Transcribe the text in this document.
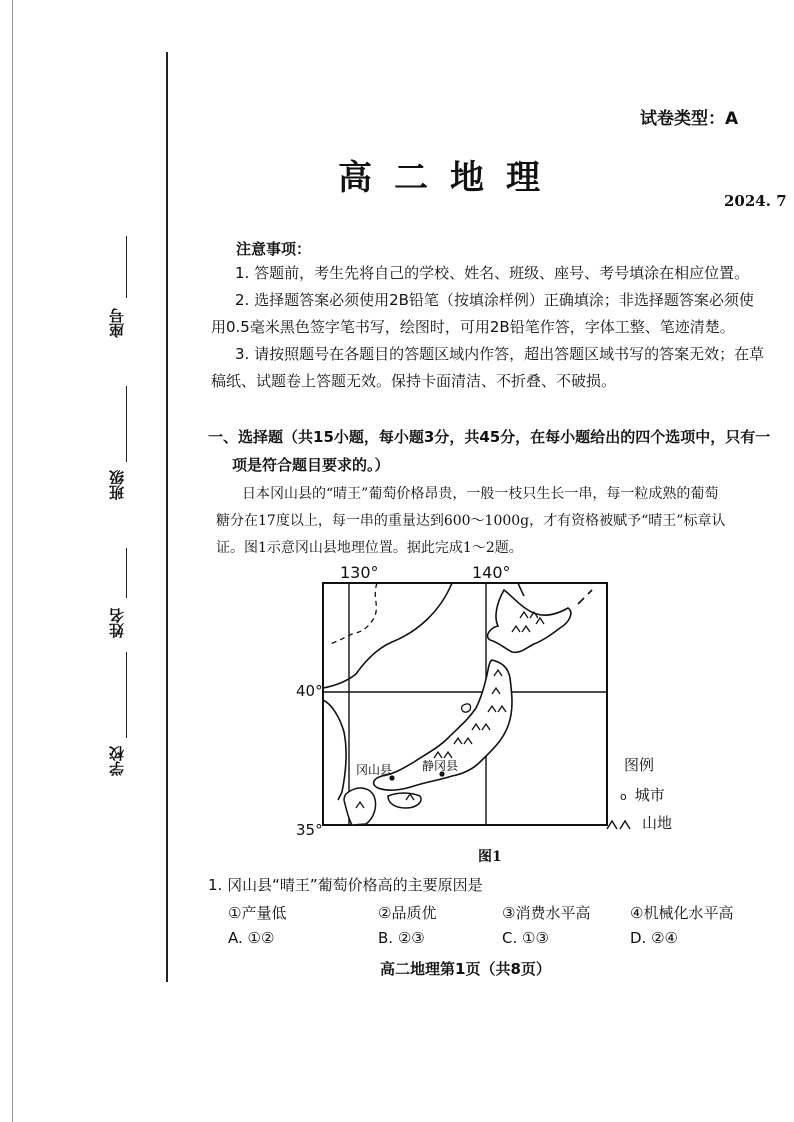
座号
班级
姓名
学校
试卷类型：A
高二地理
2024. 7
注意事项：
1. 答题前，考生先将自己的学校、姓名、班级、座号、考号填涂在相应位置。
2. 选择题答案必须使用2B铅笔（按填涂样例）正确填涂；非选择题答案必须使
用0.5毫米黑色签字笔书写，绘图时，可用2B铅笔作答，字体工整、笔迹清楚。
3. 请按照题号在各题目的答题区域内作答，超出答题区域书写的答案无效；在草
稿纸、试题卷上答题无效。保持卡面清洁、不折叠、不破损。
一、选择题（共15小题，每小题3分，共45分，在每小题给出的四个选项中，只有一
项是符合题目要求的。）
日本冈山县的“晴王”葡萄价格昂贵，一般一枝只生长一串，每一粒成熟的葡萄
糖分在17度以上，每一串的重量达到600～1000g，才有资格被赋予“晴王”标章认
证。图1示意冈山县地理位置。据此完成1～2题。
130°	140°
40°
35°
冈山县 静冈县	图例
o 城市
山地
图1
1. 冈山县“晴王”葡萄价格高的主要原因是
①产量低	②品质优	③消费水平高	④机械化水平高
A. ①②	B. ②③	C. ①③	D. ②④
高二地理第1页（共8页）
